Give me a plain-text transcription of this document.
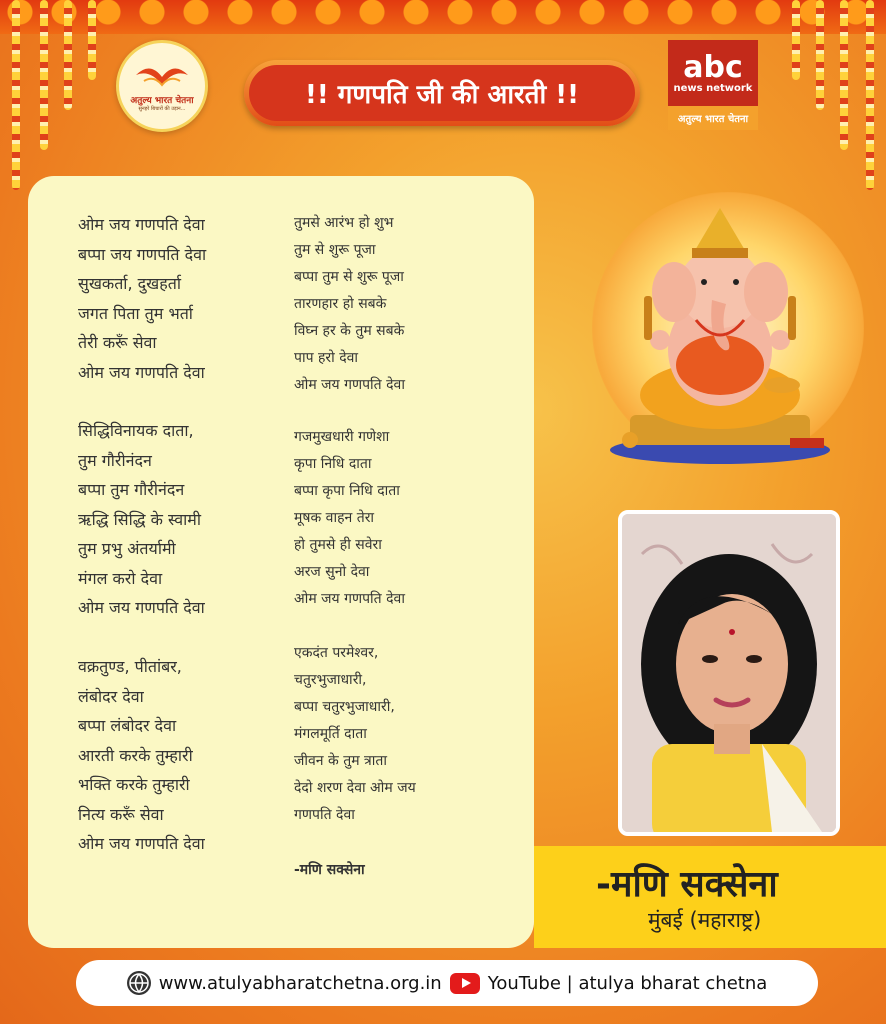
अतुल्य भारत चेतना
सुनहरे बिचारों की उड़ान...	!! गणपति जी की आरती !!
abc
news network
अतुल्य भारत चेतना
ओम जय गणपति देवा
बप्पा जय गणपति देवा
सुखकर्ता, दुखहर्ता
जगत पिता तुम भर्ता
तेरी करूँ सेवा
ओम जय गणपति देवा
सिद्धिविनायक दाता,
तुम गौरीनंदन
बप्पा तुम गौरीनंदन
ऋद्धि सिद्धि के स्वामी
तुम प्रभु अंतर्यामी
मंगल करो देवा
ओम जय गणपति देवा
वक्रतुण्ड, पीतांबर,
लंबोदर देवा
बप्पा लंबोदर देवा
आरती करके तुम्हारी
भक्ति करके तुम्हारी
नित्य करूँ सेवा
ओम जय गणपति देवा
तुमसे आरंभ हो शुभ
तुम से शुरू पूजा
बप्पा तुम से शुरू पूजा
तारणहार हो सबके
विघ्न हर के तुम सबके
पाप हरो देवा
ओम जय गणपति देवा
गजमुखधारी गणेशा
कृपा निधि दाता
बप्पा कृपा निधि दाता
मूषक वाहन तेरा
हो तुमसे ही सवेरा
अरज सुनो देवा
ओम जय गणपति देवा
एकदंत परमेश्वर,
चतुरभुजाधारी,
बप्पा चतुरभुजाधारी,
मंगलमूर्ति दाता
जीवन के तुम त्राता
देदो शरण देवा ओम जय
गणपति देवा
-मणि सक्सेना	-मणि सक्सेना
मुंबई (महाराष्ट्र)
www.atulyabharatchetna.org.in	YouTube | atulya bharat chetna
